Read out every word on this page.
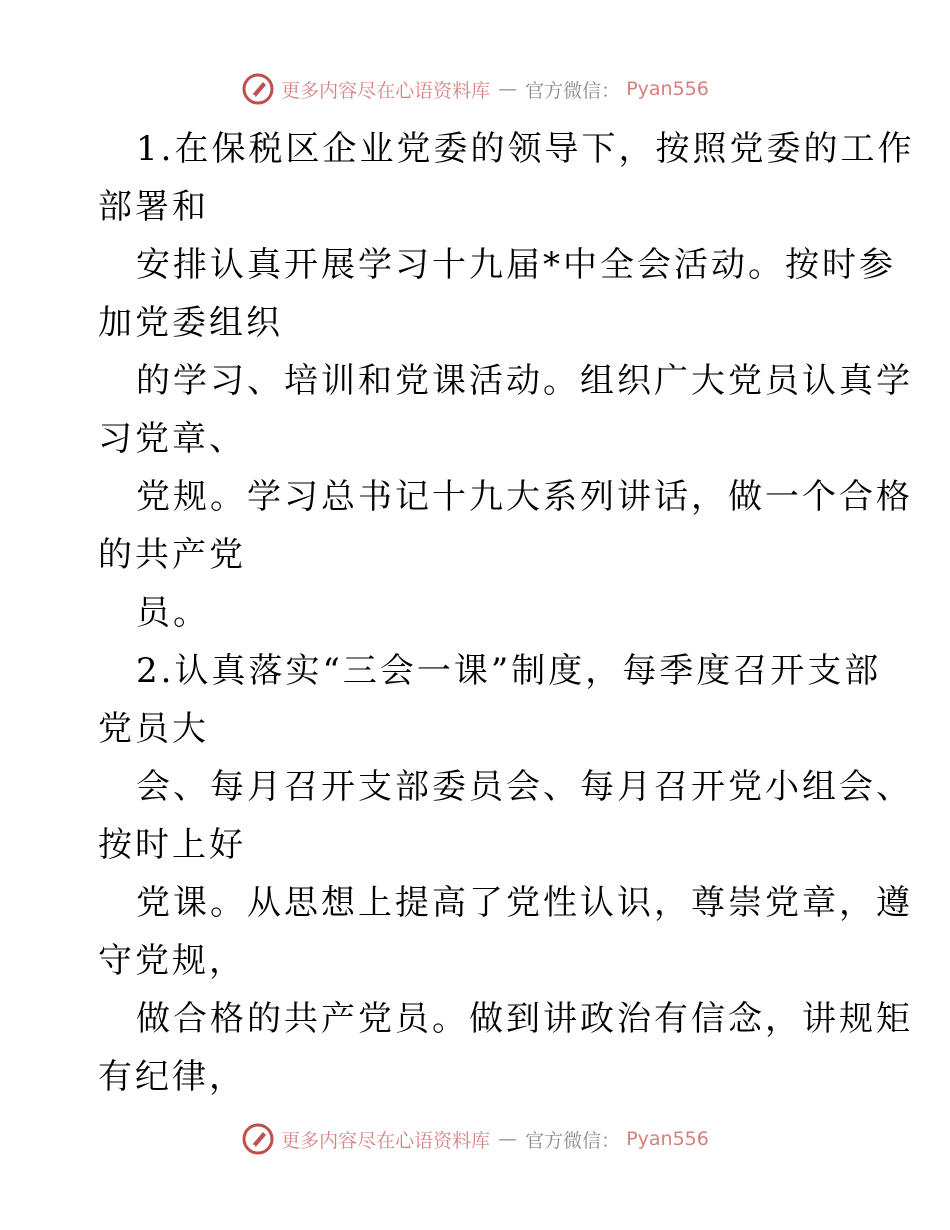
更多内容尽在心语资料库 — 官方微信： Pyan556
1.在保税区企业党委的领导下，按照党委的工作
部署和
安排认真开展学习十九届*中全会活动。按时参
加党委组织
的学习、培训和党课活动。组织广大党员认真学
习党章、
党规。学习总书记十九大系列讲话，做一个合格
的共产党
员。
2.认真落实“三会一课”制度，每季度召开支部
党员大
会、每月召开支部委员会、每月召开党小组会、
按时上好
党课。从思想上提高了党性认识，尊崇党章，遵
守党规，
做合格的共产党员。做到讲政治有信念，讲规矩
有纪律，
更多内容尽在心语资料库 — 官方微信： Pyan556
